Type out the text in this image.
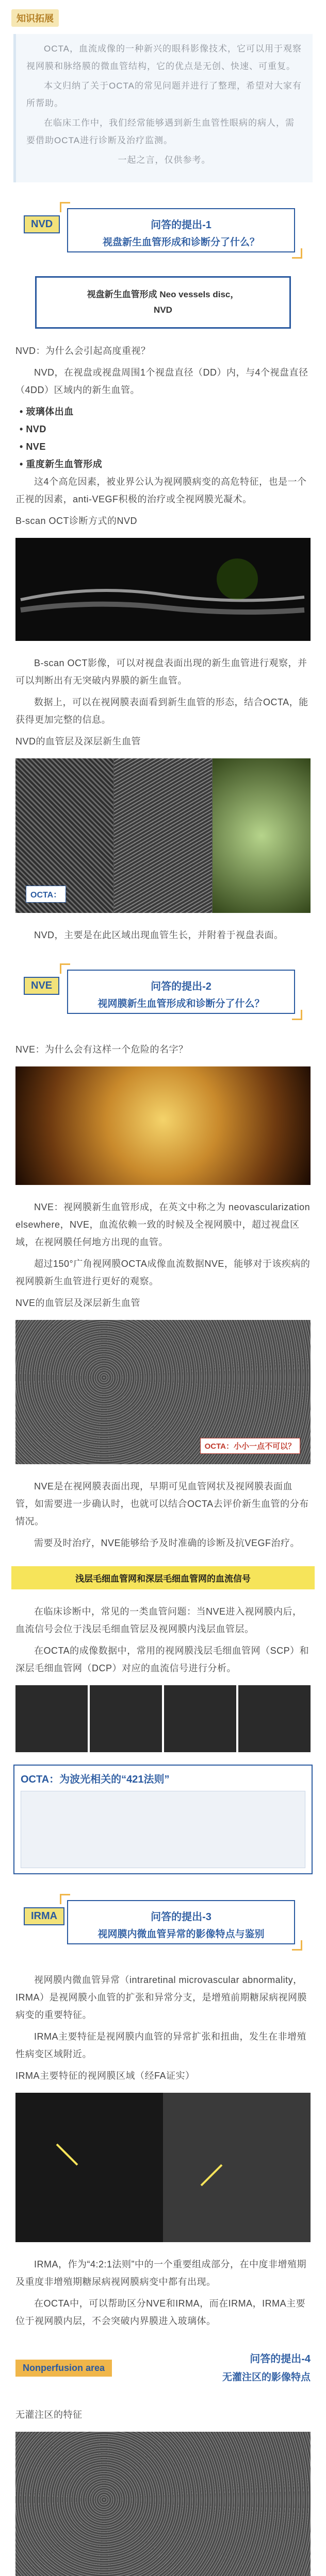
知识拓展

OCTA，血流成像的一种新兴的眼科影像技术，它可以用于观察视网膜和脉络膜的微血管结构，它的优点是无创、快速、可重复。

本文归纳了关于OCTA的常见问题并进行了整理，希望对大家有所帮助。

在临床工作中，我们经常能够遇到新生血管性眼病的病人，需要借助OCTA进行诊断及治疗监测。

一起之言，仅供参考。

问答的提出-1
视盘新生血管形成和诊断分了什么？
NVD
视盘新生血管形成 Neo vessels disc，
NVD

NVD：为什么会引起高度重视？

NVD，在视盘或视盘周围1个视盘直径（DD）内，与4个视盘直径（4DD）区域内的新生血管。

• 玻璃体出血
• NVD
• NVE
• 重度新生血管形成

这4个高危因素，被业界公认为视网膜病变的高危特征，也是一个正视的因素，anti-VEGF积极的治疗或全视网膜光凝术。

B-scan OCT诊断方式的NVD

B-scan OCT影像，可以对视盘表面出现的新生血管进行观察，并可以判断出有无突破内界膜的新生血管。

数据上，可以在视网膜表面看到新生血管的形态，结合OCTA，能获得更加完整的信息。

NVD的血管层及深层新生血管

OCTA：

NVD，主要是在此区域出现血管生长，并附着于视盘表面。

问答的提出-2
视网膜新生血管形成和诊断分了什么？
NVE

NVE：为什么会有这样一个危险的名字？

NVE：视网膜新生血管形成，在英文中称之为 neovascularization elsewhere，NVE，血流依赖一致的时候及全视网膜中，超过视盘区域，在视网膜任何地方出现的血管。

超过150°广角视网膜OCTA成像血流数据NVE，能够对于该疾病的视网膜新生血管进行更好的观察。

NVE的血管层及深层新生血管

OCTA：小小一点不可以？

NVE是在视网膜表面出现，早期可见血管网状及视网膜表面血管，如需要进一步确认时，也就可以结合OCTA去评价新生血管的分布情况。

需要及时治疗，NVE能够给予及时准确的诊断及抗VEGF治疗。

浅层毛细血管网和深层毛细血管网的血流信号

在临床诊断中，常见的一类血管问题：当NVE进入视网膜内后，血流信号会位于浅层毛细血管层及视网膜内浅层血管层。

在OCTA的成像数据中，常用的视网膜浅层毛细血管网（SCP）和深层毛细血管网（DCP）对应的血流信号进行分析。

OCTA：为波光相关的“421法则”
问答的提出-3
视网膜内微血管异常的影像特点与鉴别
IRMA

视网膜内微血管异常（intraretinal microvascular abnormality，IRMA）是视网膜小血管的扩张和异常分支，是增殖前期糖尿病视网膜病变的重要特征。

IRMA主要特征是视网膜内血管的异常扩张和扭曲，发生在非增殖性病变区域附近。

IRMA主要特征的视网膜区域（经FA证实）

IRMA，作为“4:2:1法则”中的一个重要组成部分，在中度非增殖期及重度非增殖期糖尿病视网膜病变中都有出现。

在OCTA中，可以帮助区分NVE和IRMA，而在IRMA，IRMA主要位于视网膜内层，不会突破内界膜进入玻璃体。

Nonperfusion area
问答的提出-4
无灌注区的影像特点

无灌注区的特征
